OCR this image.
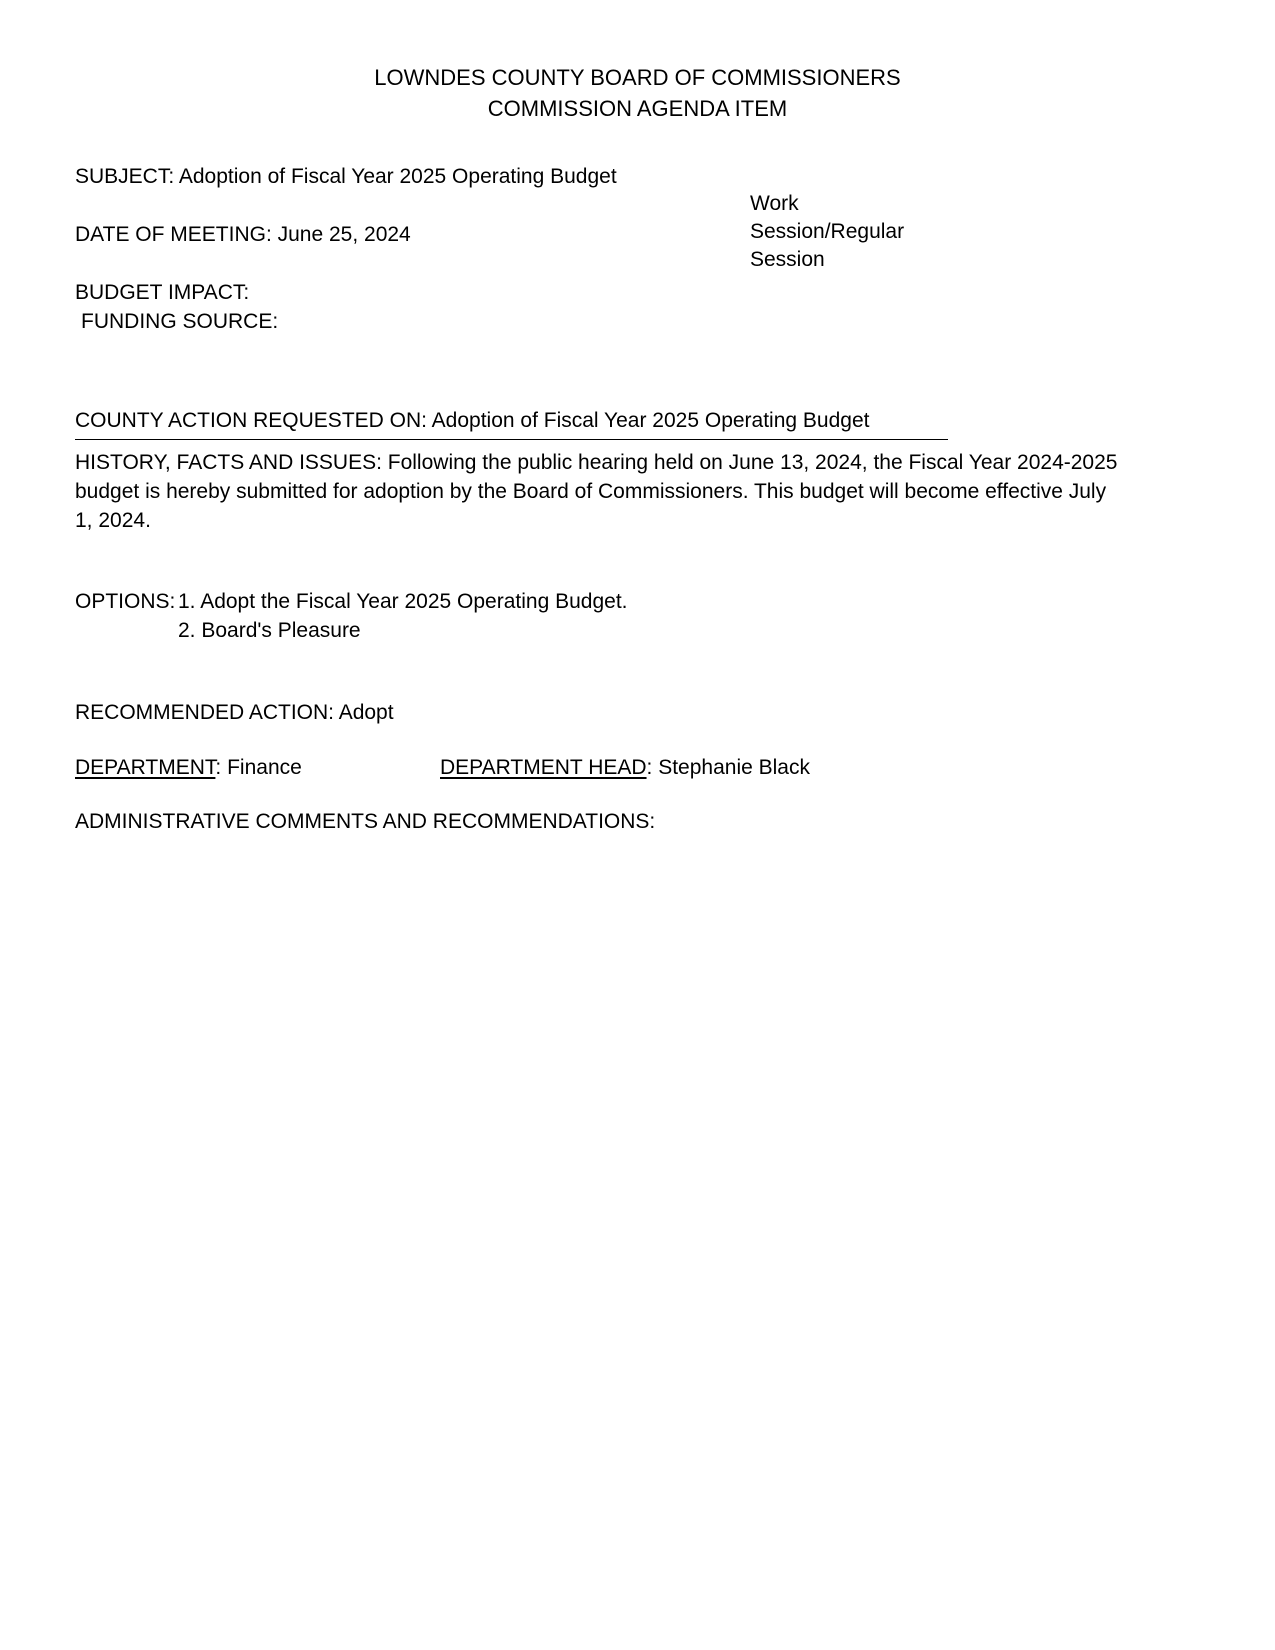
LOWNDES COUNTY BOARD OF COMMISSIONERS
COMMISSION AGENDA ITEM
SUBJECT: Adoption of Fiscal Year 2025 Operating Budget
DATE OF MEETING: June 25, 2024
BUDGET IMPACT:
FUNDING SOURCE:
Work Session/Regular Session
COUNTY ACTION REQUESTED ON: Adoption of Fiscal Year 2025 Operating Budget

HISTORY, FACTS AND ISSUES: Following the public hearing held on June 13, 2024, the Fiscal Year 2024-2025 budget is hereby submitted for adoption by the Board of Commissioners. This budget will become effective July 1, 2024.

OPTIONS: 1. Adopt the Fiscal Year 2025 Operating Budget.
2. Board's Pleasure
RECOMMENDED ACTION: Adopt
DEPARTMENT: Finance	DEPARTMENT HEAD: Stephanie Black
ADMINISTRATIVE COMMENTS AND RECOMMENDATIONS:
